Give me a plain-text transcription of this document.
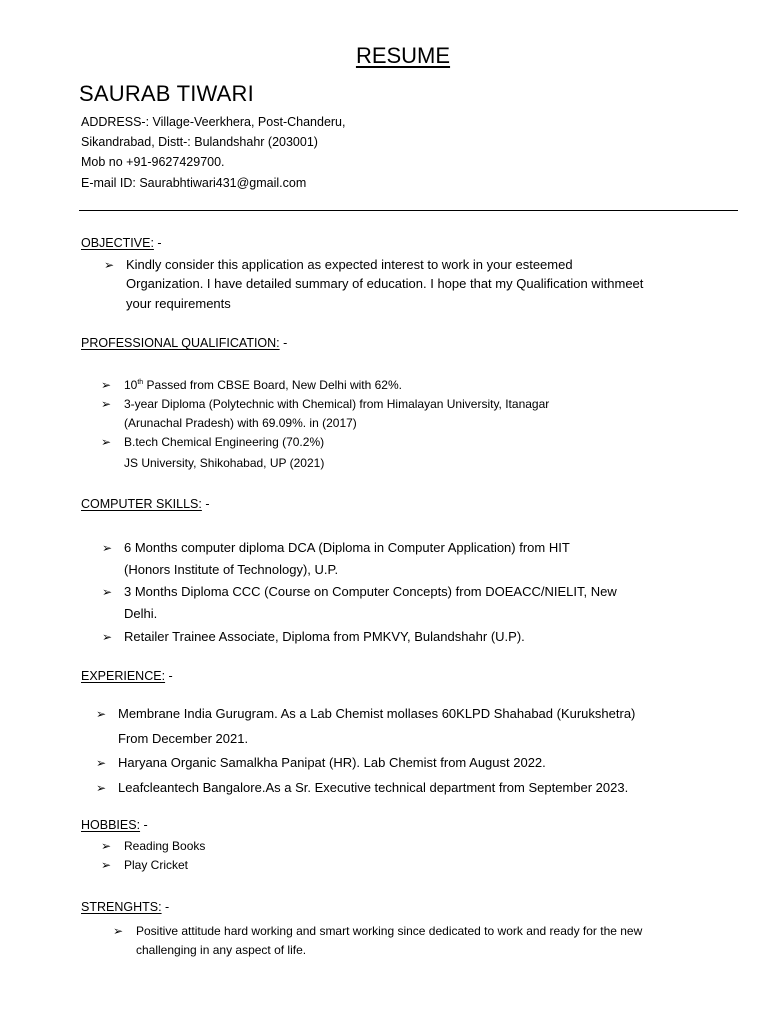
RESUME
SAURAB TIWARI
ADDRESS-: Village-Veerkhera, Post-Chanderu,
Sikandrabad, Distt-: Bulandshahr (203001)
Mob no +91-9627429700.
E-mail ID: Saurabhtiwari431@gmail.com
OBJECTIVE: -
➢ Kindly consider this application as expected interest to work in your esteemed
Organization. I have detailed summary of education. I hope that my Qualification withmeet
your requirements
PROFESSIONAL QUALIFICATION: -
➢ 10th Passed from CBSE Board, New Delhi with 62%.
➢ 3-year Diploma (Polytechnic with Chemical) from Himalayan University, Itanagar
(Arunachal Pradesh) with 69.09%. in (2017)
➢ B.tech Chemical Engineering (70.2%)
JS University, Shikohabad, UP (2021)
COMPUTER SKILLS: -
➢ 6 Months computer diploma DCA (Diploma in Computer Application) from HIT
(Honors Institute of Technology), U.P.
➢ 3 Months Diploma CCC (Course on Computer Concepts) from DOEACC/NIELIT, New
Delhi.
➢ Retailer Trainee Associate, Diploma from PMKVY, Bulandshahr (U.P).
EXPERIENCE: -
➢ Membrane India Gurugram. As a Lab Chemist mollases 60KLPD Shahabad (Kurukshetra)
From December 2021.
➢ Haryana Organic Samalkha Panipat (HR). Lab Chemist from August 2022.
➢ Leafcleantech Bangalore.As a Sr. Executive technical department from September 2023.
HOBBIES: -
➢ Reading Books
➢ Play Cricket
STRENGHTS: -
➢ Positive attitude hard working and smart working since dedicated to work and ready for the new
challenging in any aspect of life.
